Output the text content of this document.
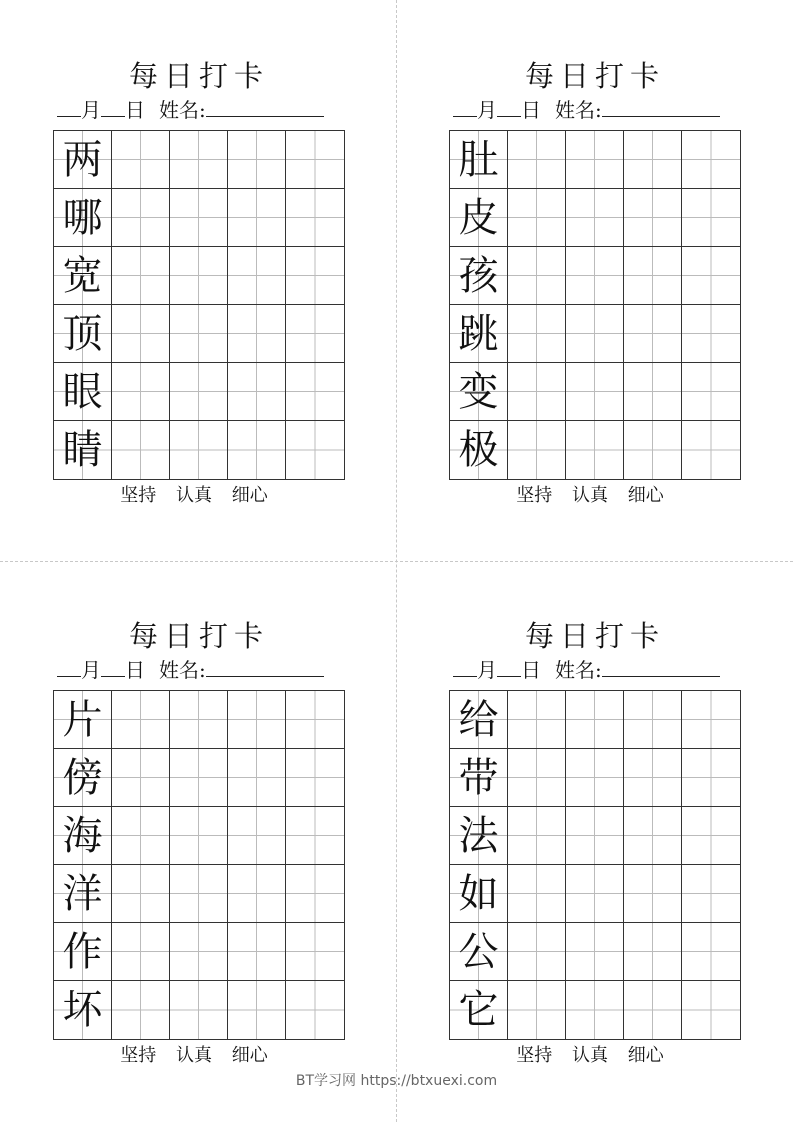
每日打卡
月 日 姓名:
两
哪
宽
顶
眼
睛
坚持 认真 细心
每日打卡
月 日 姓名:
肚
皮
孩
跳
变
极
坚持 认真 细心
每日打卡
月 日 姓名:
片
傍
海
洋
作
坏
坚持 认真 细心
每日打卡
月 日 姓名:
给
带
法
如
公
它
坚持 认真 细心
BT学习网 https://btxuexi.com
